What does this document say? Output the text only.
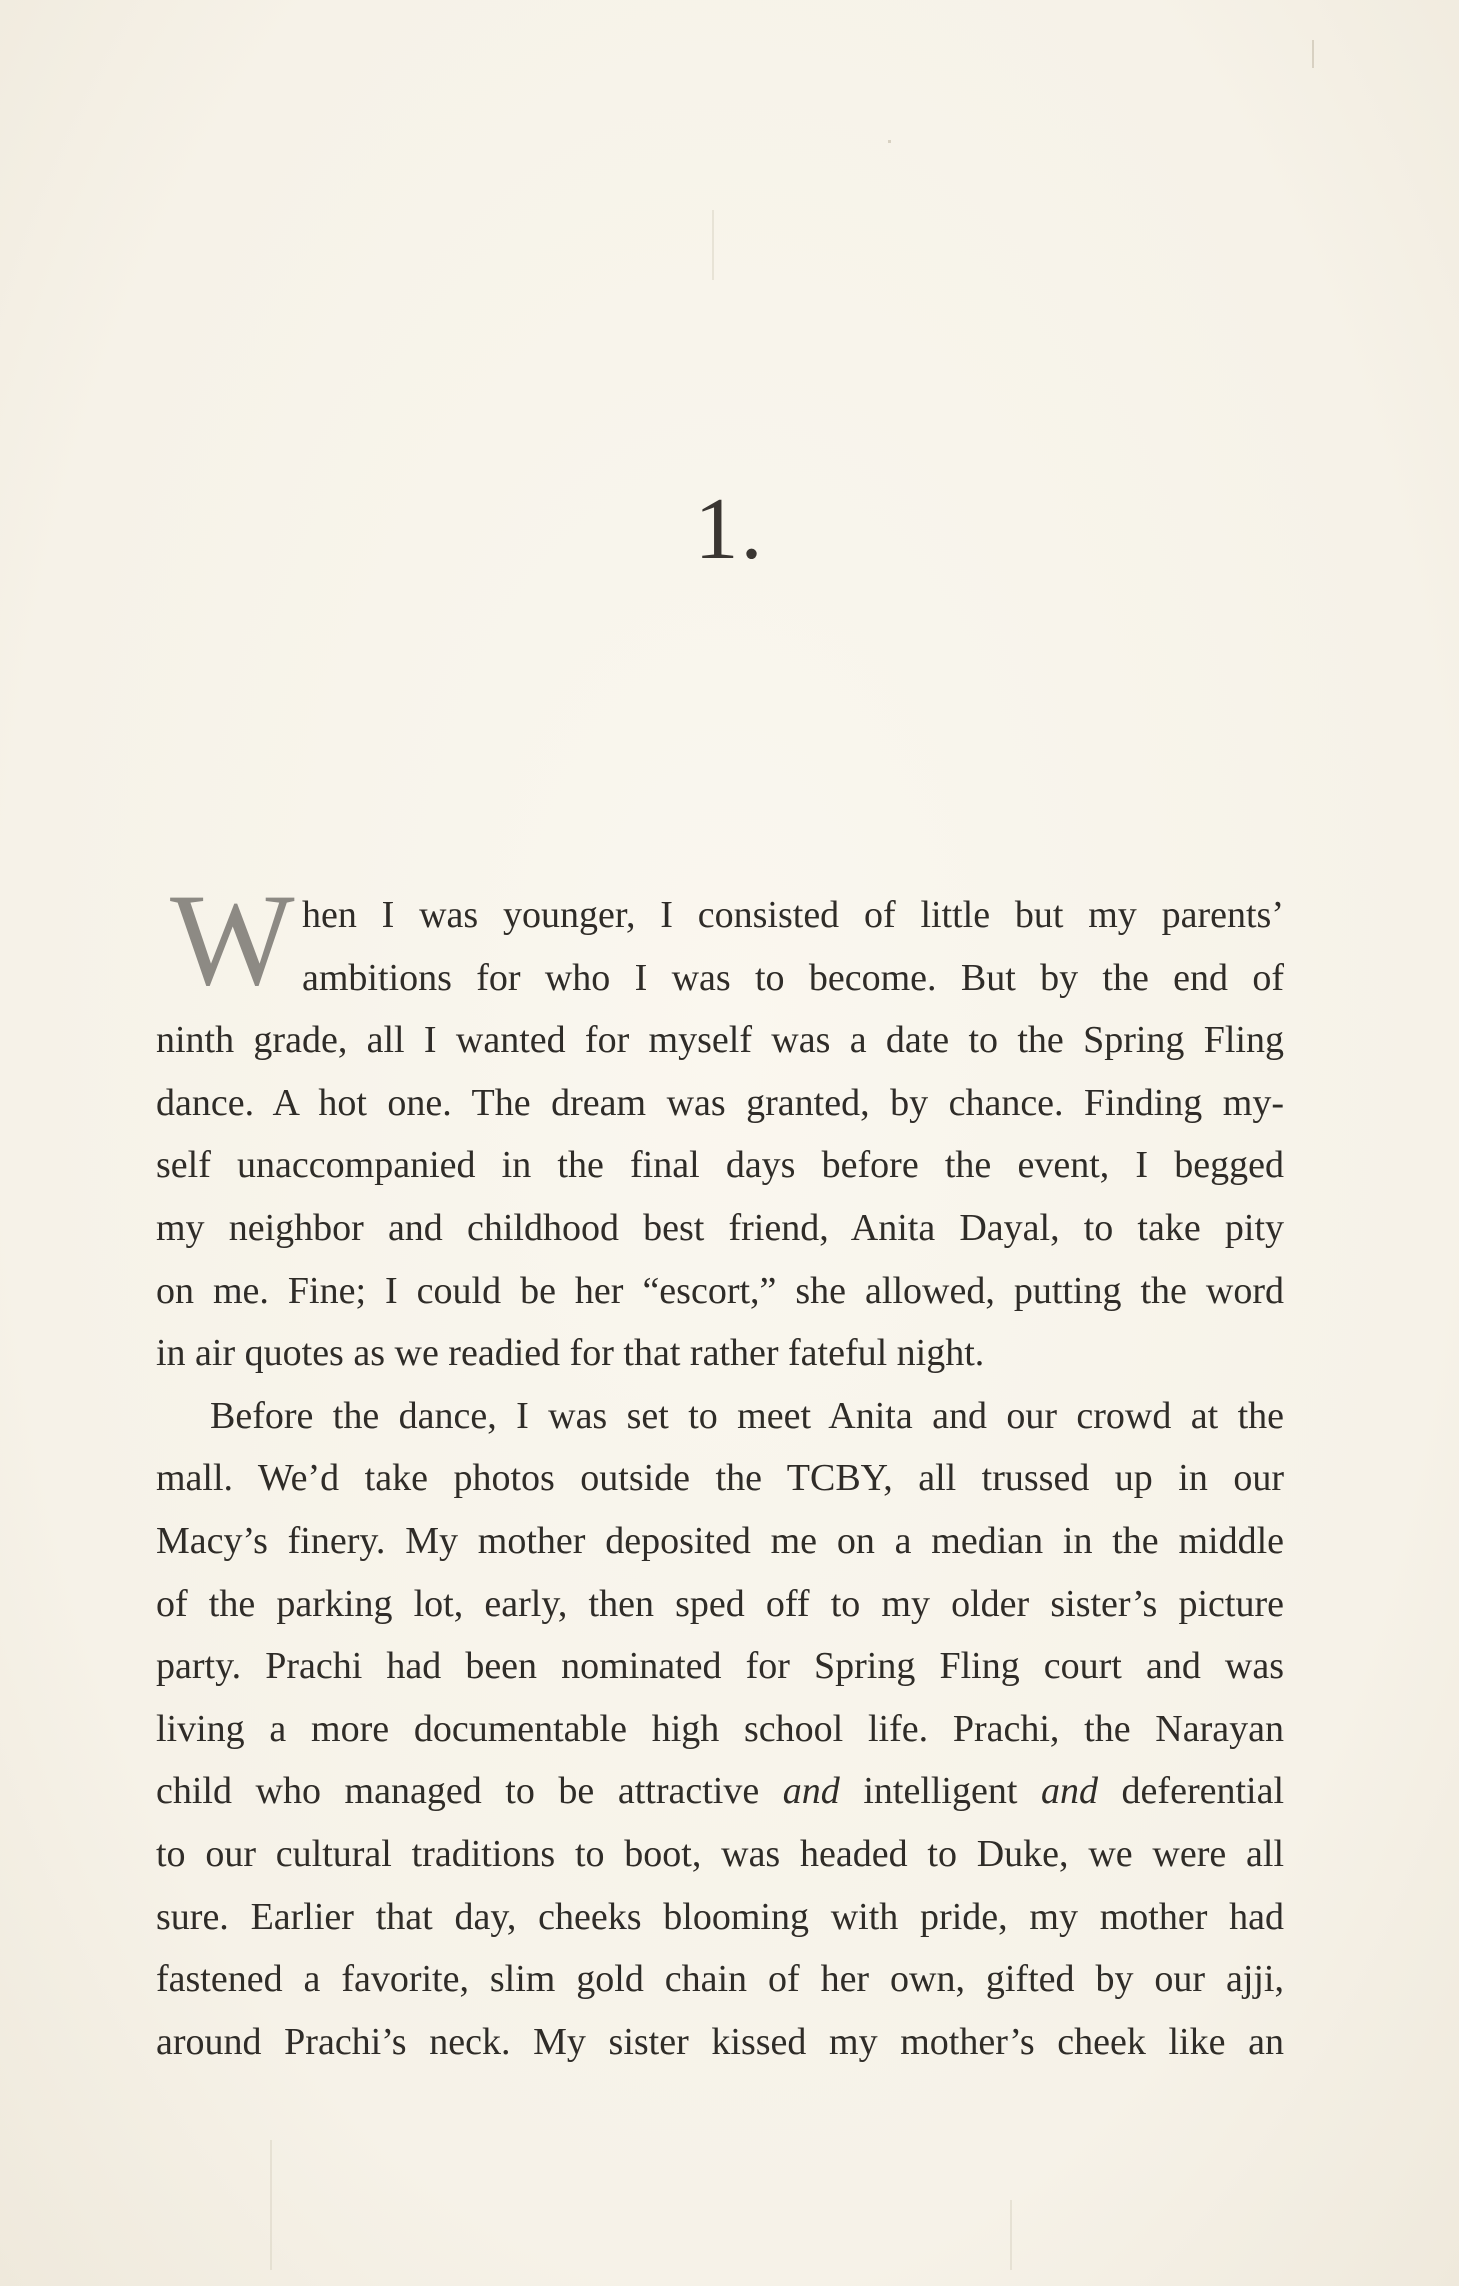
1.
W hen I was younger, I consisted of little but my parents’
ambitions for who I was to become. But by the end of
ninth grade, all I wanted for myself was a date to the Spring Fling
dance. A hot one. The dream was granted, by chance. Finding my-
self unaccompanied in the final days before the event, I begged
my neighbor and childhood best friend, Anita Dayal, to take pity
on me. Fine; I could be her “escort,” she allowed, putting the word
in air quotes as we readied for that rather fateful night.
Before the dance, I was set to meet Anita and our crowd at the
mall. We’d take photos outside the TCBY, all trussed up in our
Macy’s finery. My mother deposited me on a median in the middle
of the parking lot, early, then sped off to my older sister’s picture
party. Prachi had been nominated for Spring Fling court and was
living a more documentable high school life. Prachi, the Narayan
child who managed to be attractive and intelligent and deferential
to our cultural traditions to boot, was headed to Duke, we were all
sure. Earlier that day, cheeks blooming with pride, my mother had
fastened a favorite, slim gold chain of her own, gifted by our ajji,
around Prachi’s neck. My sister kissed my mother’s cheek like an
